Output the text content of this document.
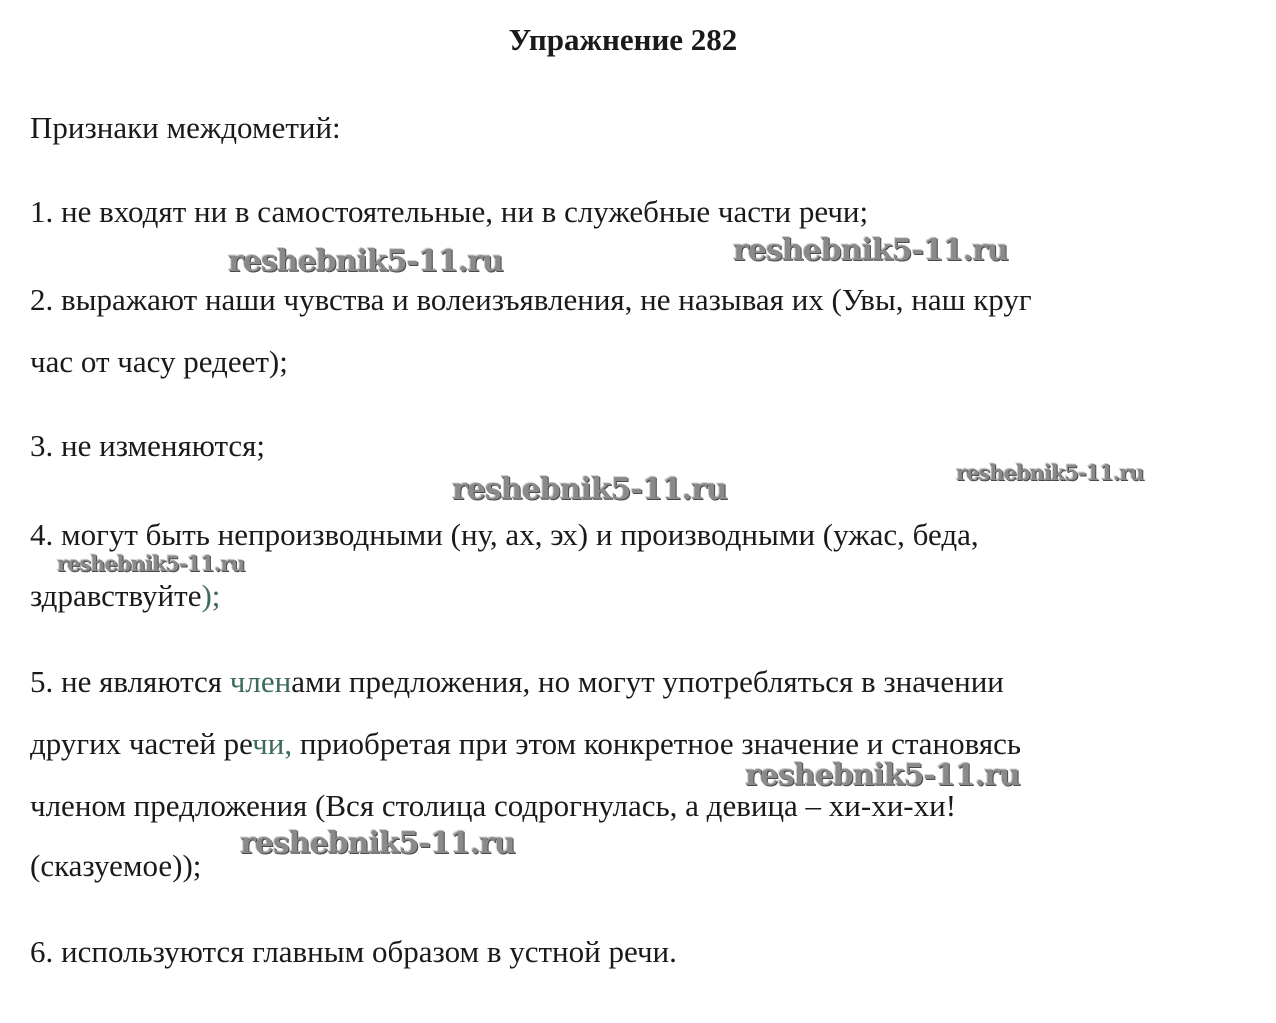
Упражнение 282

Признаки междометий:

1. не входят ни в самостоятельные, ни в служебные части речи;

2. выражают наши чувства и волеизъявления, не называя их (Увы, наш круг

час от часу редеет);

3. не изменяются;

4. могут быть непроизводными (ну, ах, эх) и производными (ужас, беда,

здравствуйте);

5. не являются членами предложения, но могут употребляться в значении

других частей речи, приобретая при этом конкретное значение и становясь

членом предложения (Вся столица содрогнулась, а девица – хи-хи-хи!

(сказуемое));

6. используются главным образом в устной речи.

reshebnik5-11.ru	reshebnik5-11.ru
reshebnik5-11.ru	reshebnik5-11.ru
reshebnik5-11.ru
reshebnik5-11.ru
reshebnik5-11.ru
